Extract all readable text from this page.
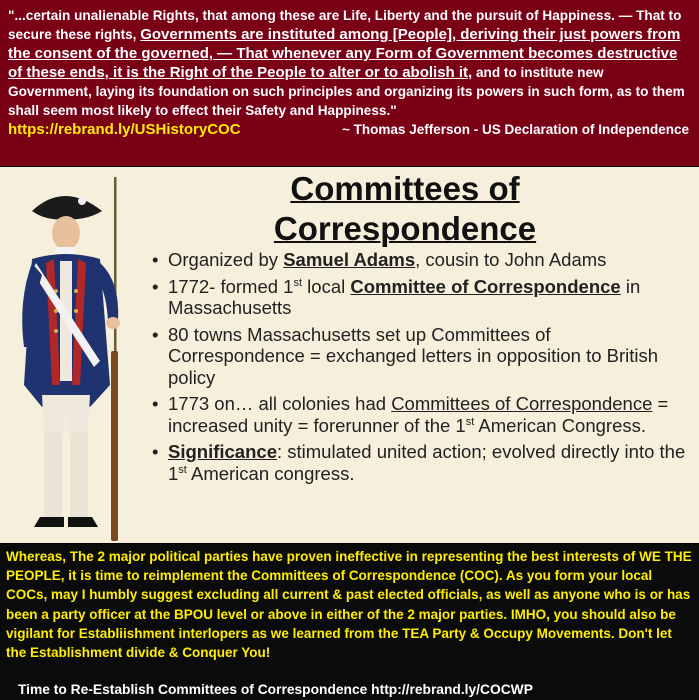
"...certain unalienable Rights, that among these are Life, Liberty and the pursuit of Happiness. — That to secure these rights, Governments are instituted among [People], deriving their just powers from the consent of the governed, — That whenever any Form of Government becomes destructive of these ends, it is the Right of the People to alter or to abolish it, and to institute new Government, laying its foundation on such principles and organizing its powers in such form, as to them shall seem most likely to effect their Safety and Happiness."
https://rebrand.ly/USHistoryCOC	~ Thomas Jefferson - US Declaration of Independence
Committees of
Correspondence
• Organized by Samuel Adams, cousin to John Adams
• 1772- formed 1st local Committee of Correspondence in Massachusetts
• 80 towns Massachusetts set up Committees of Correspondence = exchanged letters in opposition to British policy
• 1773 on… all colonies had Committees of Correspondence = increased unity = forerunner of the 1st American Congress.
• Significance: stimulated united action; evolved directly into the 1st American congress.
Whereas, The 2 major political parties have proven ineffective in representing the best interests of WE THE PEOPLE, it is time to reimplement the Committees of Correspondence (COC). As you form your local COCs, may I humbly suggest excluding all current & past elected officials, as well as anyone who is or has been a party officer at the BPOU level or above in either of the 2 major parties. IMHO, you should also be vigilant for Establiishment interlopers as we learned from the TEA Party & Occupy Movements. Don't let the Establishment divide & Conquer You!
Time to Re-Establish Committees of Correspondence http://rebrand.ly/COCWP
